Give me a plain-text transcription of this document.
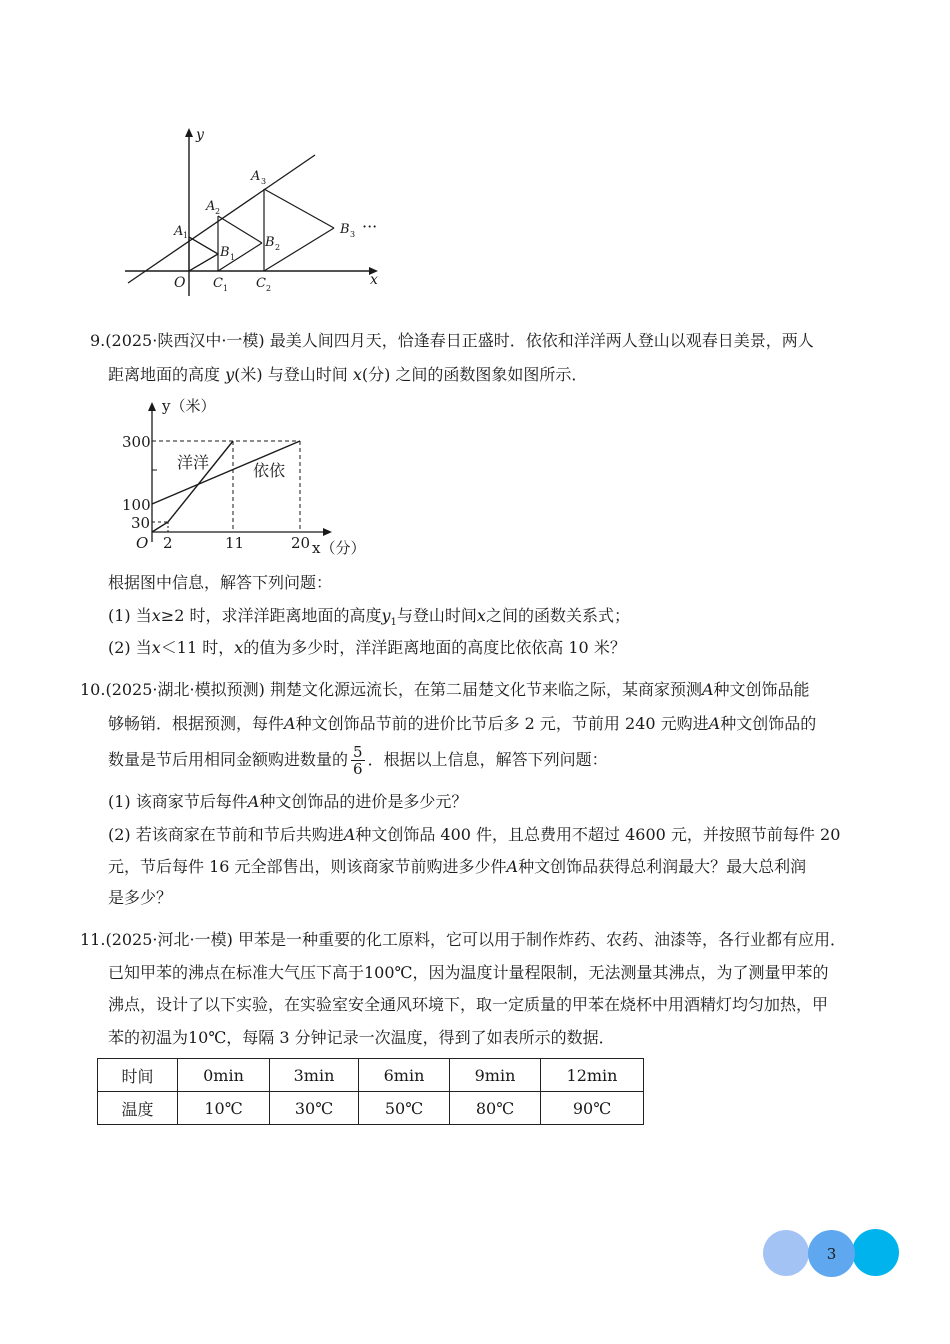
y
x
O
A 1
A 2
A 3
B 1
B 2
B 3 ···
C 1 C 2
9.(2025·陕西汉中·一模) 最美人间四月天，恰逢春日正盛时．依依和洋洋两人登山以观春日美景，两人
距离地面的高度 y(米) 与登山时间 x(分) 之间的函数图象如图所示．
y（米）
x（分）
O
300
100
30
2	11	20
洋洋	依依
根据图中信息，解答下列问题：
(1) 当x≥2 时，求洋洋距离地面的高度$y_1$与登山时间x之间的函数关系式；
(2) 当x＜11 时，x的值为多少时，洋洋距离地面的高度比依依高 10 米？
10.(2025·湖北·模拟预测) 荆楚文化源远流长，在第二届楚文化节来临之际，某商家预测A种文创饰品能
够畅销．根据预测，每件A种文创饰品节前的进价比节后多 2 元，节前用 240 元购进A种文创饰品的
数量是节后用相同金额购进数量的 $\frac{5}{6}$ ．根据以上信息，解答下列问题：
(1) 该商家节后每件A种文创饰品的进价是多少元？
(2) 若该商家在节前和节后共购进A种文创饰品 400 件，且总费用不超过 4600 元，并按照节前每件 20
元，节后每件 16 元全部售出，则该商家节前购进多少件A种文创饰品获得总利润最大？最大总利润
是多少？
11.(2025·河北·一模) 甲苯是一种重要的化工原料，它可以用于制作炸药、农药、油漆等，各行业都有应用．
已知甲苯的沸点在标准大气压下高于100℃，因为温度计量程限制，无法测量其沸点，为了测量甲苯的
沸点，设计了以下实验，在实验室安全通风环境下，取一定质量的甲苯在烧杯中用酒精灯均匀加热，甲
苯的初温为10℃，每隔 3 分钟记录一次温度，得到了如表所示的数据．
时间	0min	3min	6min	9min	12min
温度	10℃	30℃	50℃	80℃	90℃
3
